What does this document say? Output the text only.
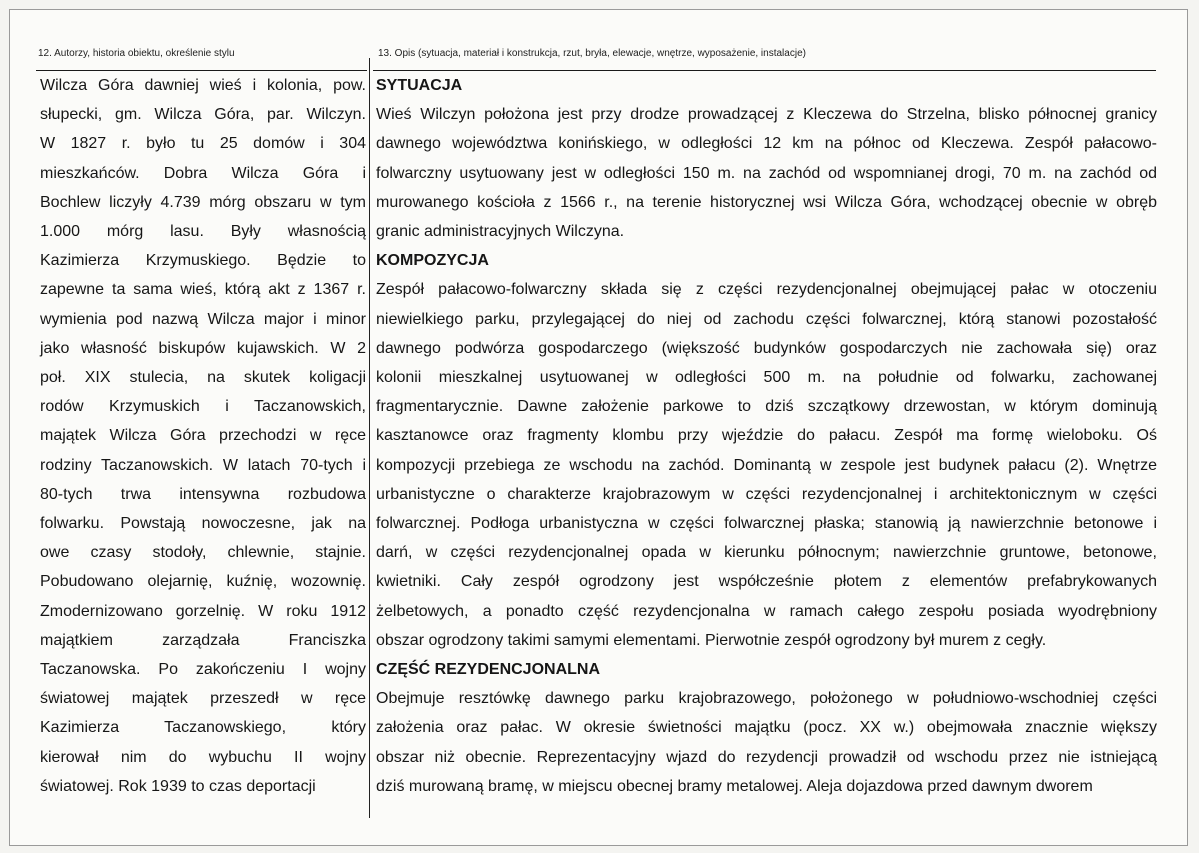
12. Autorzy, historia obiektu, określenie stylu	13. Opis (sytuacja, materiał i konstrukcja, rzut, bryła, elewacje, wnętrze, wyposażenie, instalacje)
Wilcza Góra dawniej wieś i kolonia, pow.
słupecki, gm. Wilcza Góra, par. Wilczyn.
W 1827 r. było tu 25 domów i 304
mieszkańców. Dobra Wilcza Góra i
Bochlew liczyły 4.739 mórg obszaru w tym
1.000 mórg lasu. Były własnością
Kazimierza Krzymuskiego. Będzie to
zapewne ta sama wieś, którą akt z 1367 r.
wymienia pod nazwą Wilcza major i minor
jako własność biskupów kujawskich. W 2
poł. XIX stulecia, na skutek koligacji
rodów Krzymuskich i Taczanowskich,
majątek Wilcza Góra przechodzi w ręce
rodziny Taczanowskich. W latach 70-tych i
80-tych trwa intensywna rozbudowa
folwarku. Powstają nowoczesne, jak na
owe czasy stodoły, chlewnie, stajnie.
Pobudowano olejarnię, kuźnię, wozownię.
Zmodernizowano gorzelnię. W roku 1912
majątkiem zarządzała Franciszka
Taczanowska. Po zakończeniu I wojny
światowej majątek przeszedł w ręce
Kazimierza Taczanowskiego, który
kierował nim do wybuchu II wojny
światowej. Rok 1939 to czas deportacji
SYTUACJA
Wieś Wilczyn położona jest przy drodze prowadzącej z Kleczewa do Strzelna, blisko północnej granicy
dawnego województwa konińskiego, w odległości 12 km na północ od Kleczewa. Zespół pałacowo-
folwarczny usytuowany jest w odległości 150 m. na zachód od wspomnianej drogi, 70 m. na zachód od
murowanego kościoła z 1566 r., na terenie historycznej wsi Wilcza Góra, wchodzącej obecnie w obręb
granic administracyjnych Wilczyna.
KOMPOZYCJA
Zespół pałacowo-folwarczny składa się z części rezydencjonalnej obejmującej pałac w otoczeniu
niewielkiego parku, przylegającej do niej od zachodu części folwarcznej, którą stanowi pozostałość
dawnego podwórza gospodarczego (większość budynków gospodarczych nie zachowała się) oraz
kolonii mieszkalnej usytuowanej w odległości 500 m. na południe od folwarku, zachowanej
fragmentarycznie. Dawne założenie parkowe to dziś szczątkowy drzewostan, w którym dominują
kasztanowce oraz fragmenty klombu przy wjeździe do pałacu. Zespół ma formę wieloboku. Oś
kompozycji przebiega ze wschodu na zachód. Dominantą w zespole jest budynek pałacu (2). Wnętrze
urbanistyczne o charakterze krajobrazowym w części rezydencjonalnej i architektonicznym w części
folwarcznej. Podłoga urbanistyczna w części folwarcznej płaska; stanowią ją nawierzchnie betonowe i
darń, w części rezydencjonalnej opada w kierunku północnym; nawierzchnie gruntowe, betonowe,
kwietniki. Cały zespół ogrodzony jest współcześnie płotem z elementów prefabrykowanych
żelbetowych, a ponadto część rezydencjonalna w ramach całego zespołu posiada wyodrębniony
obszar ogrodzony takimi samymi elementami. Pierwotnie zespół ogrodzony był murem z cegły.
CZĘŚĆ REZYDENCJONALNA
Obejmuje resztówkę dawnego parku krajobrazowego, położonego w południowo-wschodniej części
założenia oraz pałac. W okresie świetności majątku (pocz. XX w.) obejmowała znacznie większy
obszar niż obecnie. Reprezentacyjny wjazd do rezydencji prowadził od wschodu przez nie istniejącą
dziś murowaną bramę, w miejscu obecnej bramy metalowej. Aleja dojazdowa przed dawnym dworem
